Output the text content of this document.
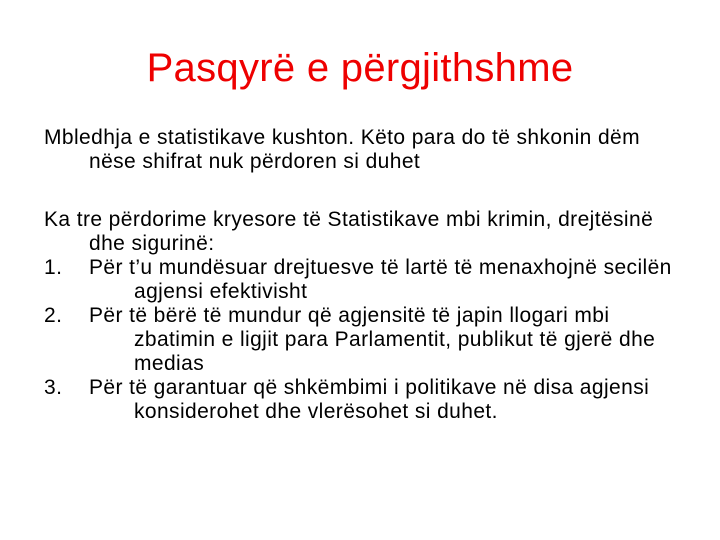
Pasqyrë e përgjithshme

Mbledhja e statistikave kushton. Këto para do të shkonin dëm nëse shifrat nuk përdoren si duhet

Ka tre përdorime kryesore të Statistikave mbi krimin, drejtësinë dhe sigurinë:
1.	Për t’u mundësuar drejtuesve të lartë të menaxhojnë secilën agjensi efektivisht
2.	Për të bërë të mundur që agjensitë të japin llogari mbi zbatimin e ligjit para Parlamentit, publikut të gjerë dhe medias
3.	Për të garantuar që shkëmbimi i politikave në disa agjensi konsiderohet dhe vlerësohet si duhet.
